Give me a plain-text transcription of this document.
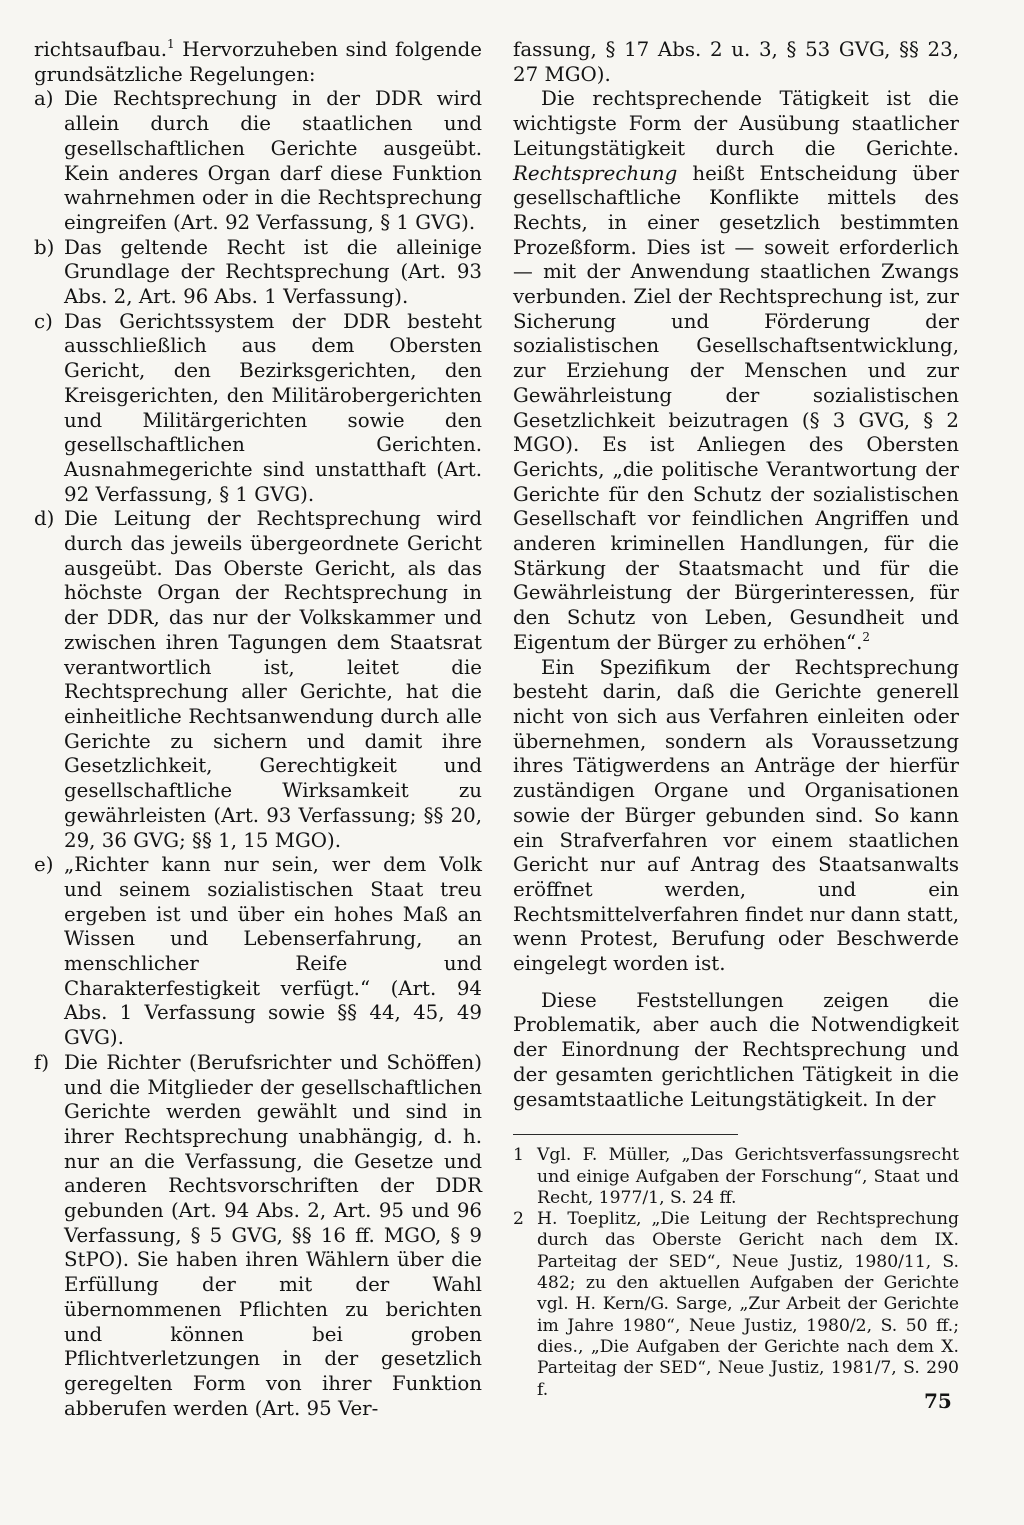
richtsaufbau.$^1$ Hervorzuheben sind folgende grundsätzliche Regelungen:

a) Die Rechtsprechung in der DDR wird allein durch die staatlichen und gesellschaftlichen Gerichte ausgeübt. Kein anderes Organ darf diese Funktion wahrnehmen oder in die Rechtsprechung eingreifen (Art. 92 Verfassung, § 1 GVG).
b) Das geltende Recht ist die alleinige Grundlage der Rechtsprechung (Art. 93 Abs. 2, Art. 96 Abs. 1 Verfassung).
c) Das Gerichtssystem der DDR besteht ausschließlich aus dem Obersten Gericht, den Bezirksgerichten, den Kreisgerichten, den Militärobergerichten und Militärgerichten sowie den gesellschaftlichen Gerichten. Ausnahmegerichte sind unstatthaft (Art. 92 Verfassung, § 1 GVG).
d) Die Leitung der Rechtsprechung wird durch das jeweils übergeordnete Gericht ausgeübt. Das Oberste Gericht, als das höchste Organ der Rechtsprechung in der DDR, das nur der Volkskammer und zwischen ihren Tagungen dem Staatsrat verantwortlich ist, leitet die Rechtsprechung aller Gerichte, hat die einheitliche Rechtsanwendung durch alle Gerichte zu sichern und damit ihre Gesetzlichkeit, Gerechtigkeit und gesellschaftliche Wirksamkeit zu gewährleisten (Art. 93 Verfassung; §§ 20, 29, 36 GVG; §§ 1, 15 MGO).
e) „Richter kann nur sein, wer dem Volk und seinem sozialistischen Staat treu ergeben ist und über ein hohes Maß an Wissen und Lebenserfahrung, an menschlicher Reife und Charakterfestigkeit verfügt.“ (Art. 94 Abs. 1 Verfassung sowie §§ 44, 45, 49 GVG).
f) Die Richter (Berufsrichter und Schöffen) und die Mitglieder der gesellschaftlichen Gerichte werden gewählt und sind in ihrer Rechtsprechung unabhängig, d. h. nur an die Verfassung, die Gesetze und anderen Rechtsvorschriften der DDR gebunden (Art. 94 Abs. 2, Art. 95 und 96 Verfassung, § 5 GVG, §§ 16 ff. MGO, § 9 StPO). Sie haben ihren Wählern über die Erfüllung der mit der Wahl übernommenen Pflichten zu berichten und können bei groben Pflichtverletzungen in der gesetzlich geregelten Form von ihrer Funktion abberufen werden (Art. 95 Ver-

fassung, § 17 Abs. 2 u. 3, § 53 GVG, §§ 23, 27 MGO).

Die rechtsprechende Tätigkeit ist die wichtigste Form der Ausübung staatlicher Leitungstätigkeit durch die Gerichte. Rechtsprechung heißt Entscheidung über gesellschaftliche Konflikte mittels des Rechts, in einer gesetzlich bestimmten Prozeßform. Dies ist — soweit erforderlich — mit der Anwendung staatlichen Zwangs verbunden. Ziel der Rechtsprechung ist, zur Sicherung und Förderung der sozialistischen Gesellschaftsentwicklung, zur Erziehung der Menschen und zur Gewährleistung der sozialistischen Gesetzlichkeit beizutragen (§ 3 GVG, § 2 MGO). Es ist Anliegen des Obersten Gerichts, „die politische Verantwortung der Gerichte für den Schutz der sozialistischen Gesellschaft vor feindlichen Angriffen und anderen kriminellen Handlungen, für die Stärkung der Staatsmacht und für die Gewährleistung der Bürgerinteressen, für den Schutz von Leben, Gesundheit und Eigentum der Bürger zu erhöhen“.$^2$

Ein Spezifikum der Rechtsprechung besteht darin, daß die Gerichte generell nicht von sich aus Verfahren einleiten oder übernehmen, sondern als Voraussetzung ihres Tätigwerdens an Anträge der hierfür zuständigen Organe und Organisationen sowie der Bürger gebunden sind. So kann ein Strafverfahren vor einem staatlichen Gericht nur auf Antrag des Staatsanwalts eröffnet werden, und ein Rechtsmittelverfahren findet nur dann statt, wenn Protest, Berufung oder Beschwerde eingelegt worden ist.

Diese Feststellungen zeigen die Problematik, aber auch die Notwendigkeit der Einordnung der Rechtsprechung und der gesamten gerichtlichen Tätigkeit in die gesamtstaatliche Leitungstätigkeit. In der

1 Vgl. F. Müller, „Das Gerichtsverfassungsrecht und einige Aufgaben der Forschung“, Staat und Recht, 1977/1, S. 24 ff.
2 H. Toeplitz, „Die Leitung der Rechtsprechung durch das Oberste Gericht nach dem IX. Parteitag der SED“, Neue Justiz, 1980/11, S. 482; zu den aktuellen Aufgaben der Gerichte vgl. H. Kern/G. Sarge, „Zur Arbeit der Gerichte im Jahre 1980“, Neue Justiz, 1980/2, S. 50 ff.; dies., „Die Aufgaben der Gerichte nach dem X. Parteitag der SED“, Neue Justiz, 1981/7, S. 290 f.	75
